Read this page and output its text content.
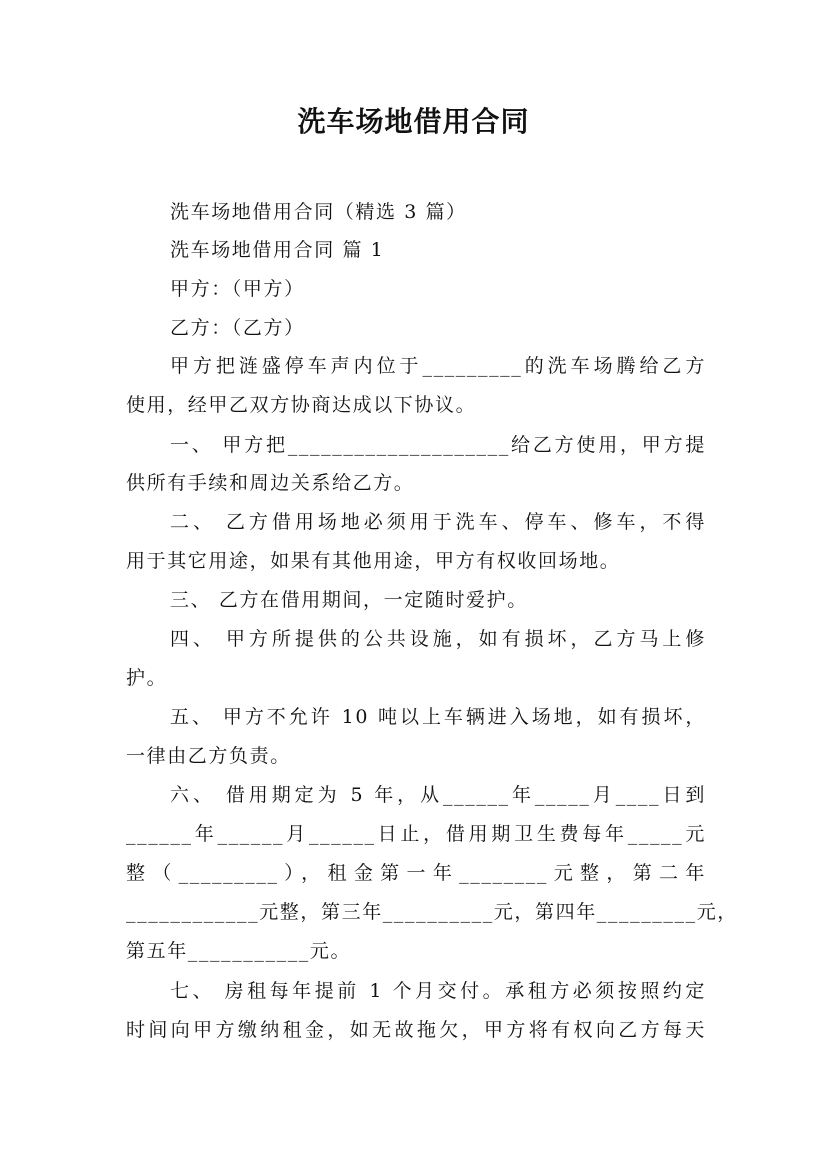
洗车场地借用合同
洗车场地借用合同（精选 3 篇）
洗车场地借用合同 篇 1
甲方：（甲方）
乙方：（乙方）
甲方把涟盛停车声内位于_________的洗车场腾给乙方
使用，经甲乙双方协商达成以下协议。
一、 甲方把____________________给乙方使用，甲方提
供所有手续和周边关系给乙方。
二、 乙方借用场地必须用于洗车、停车、修车，不得
用于其它用途，如果有其他用途，甲方有权收回场地。
三、 乙方在借用期间，一定随时爱护。
四、 甲方所提供的公共设施，如有损坏，乙方马上修
护。
五、 甲方不允许 10 吨以上车辆进入场地，如有损坏，
一律由乙方负责。
六、 借用期定为 5 年，从______年_____月____日到
______年______月______日止，借用期卫生费每年_____元
整（_________），租金第一年________元整，第二年
____________元整，第三年__________元，第四年_________元，
第五年___________元。
七、 房租每年提前 1 个月交付。承租方必须按照约定
时间向甲方缴纳租金，如无故拖欠，甲方将有权向乙方每天
